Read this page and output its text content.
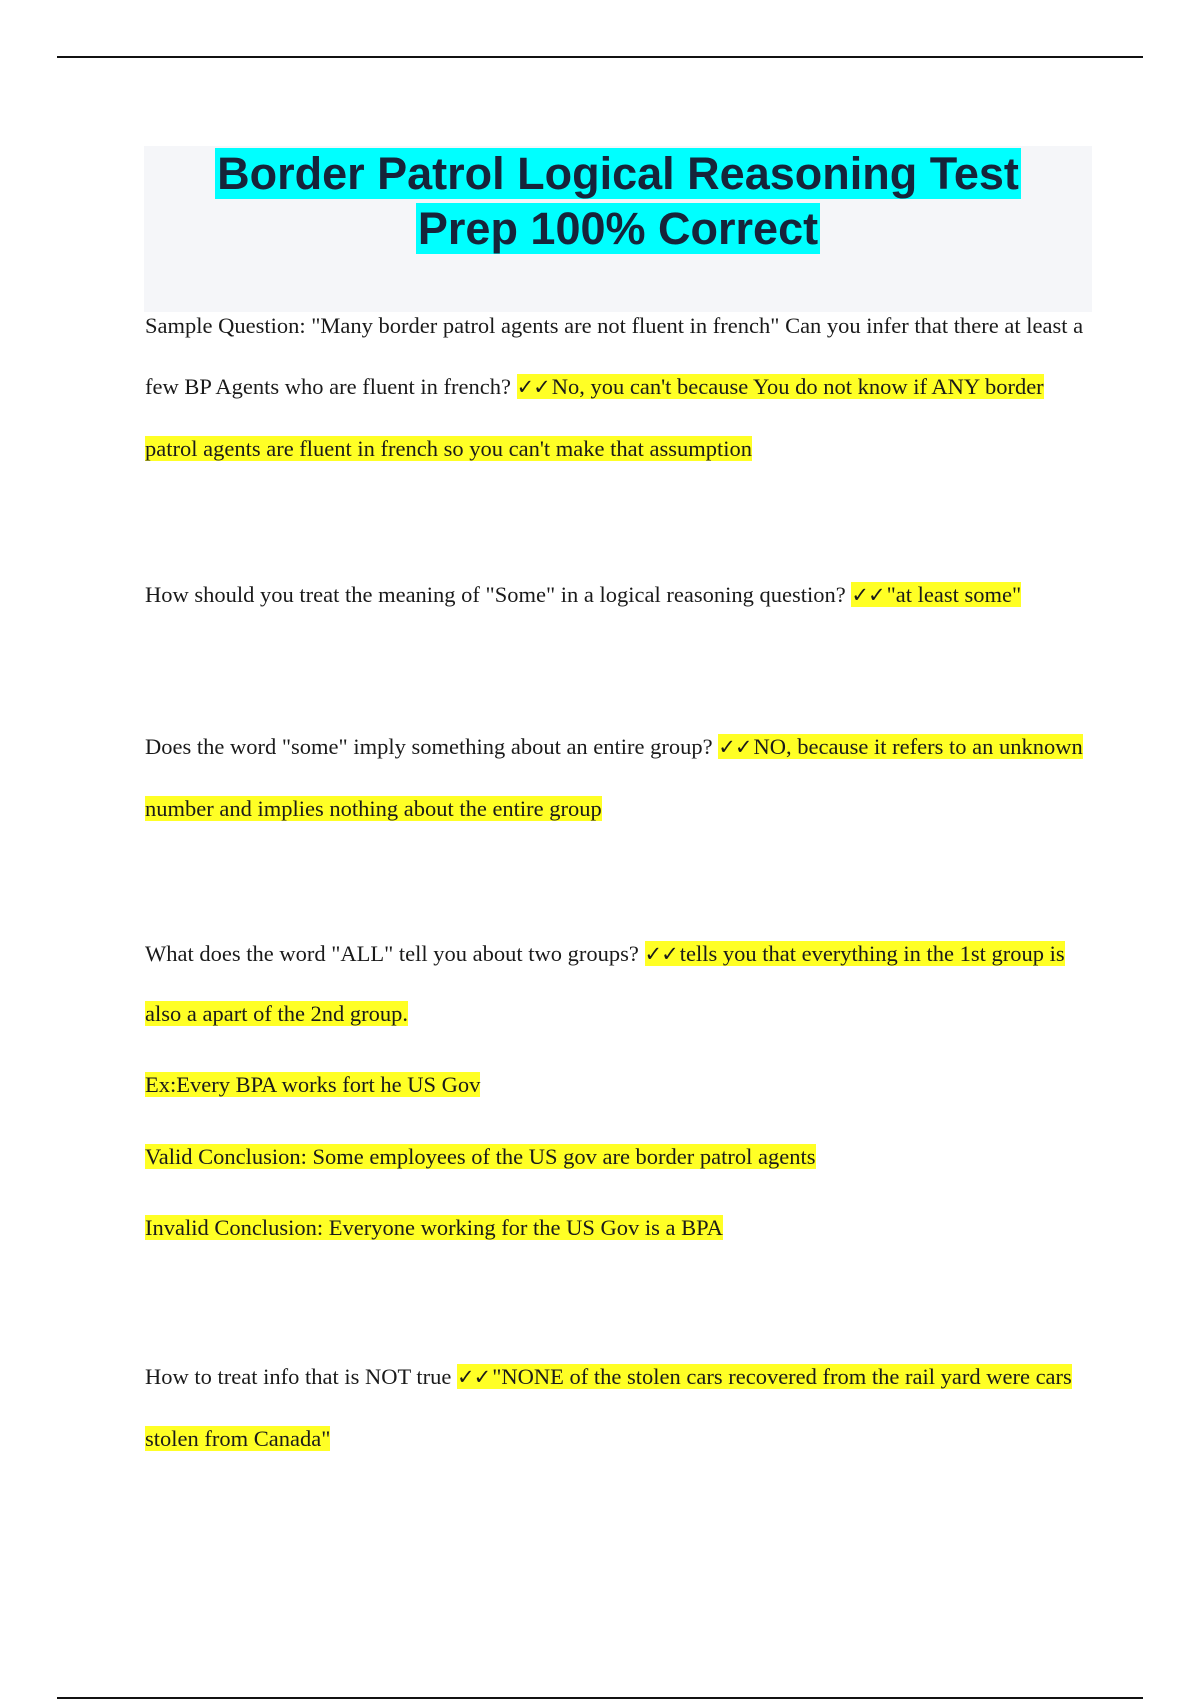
Border Patrol Logical Reasoning Test
Prep 100% Correct

Sample Question: "Many border patrol agents are not fluent in french" Can you infer that there at least a few BP Agents who are fluent in french? ✓✓No, you can't because You do not know if ANY border patrol agents are fluent in french so you can't make that assumption

How should you treat the meaning of "Some" in a logical reasoning question? ✓✓"at least some"

Does the word "some" imply something about an entire group? ✓✓NO, because it refers to an unknown number and implies nothing about the entire group

What does the word "ALL" tell you about two groups? ✓✓tells you that everything in the 1st group is also a apart of the 2nd group.

Ex:Every BPA works fort he US Gov

Valid Conclusion: Some employees of the US gov are border patrol agents

Invalid Conclusion: Everyone working for the US Gov is a BPA

How to treat info that is NOT true ✓✓"NONE of the stolen cars recovered from the rail yard were cars stolen from Canada"
